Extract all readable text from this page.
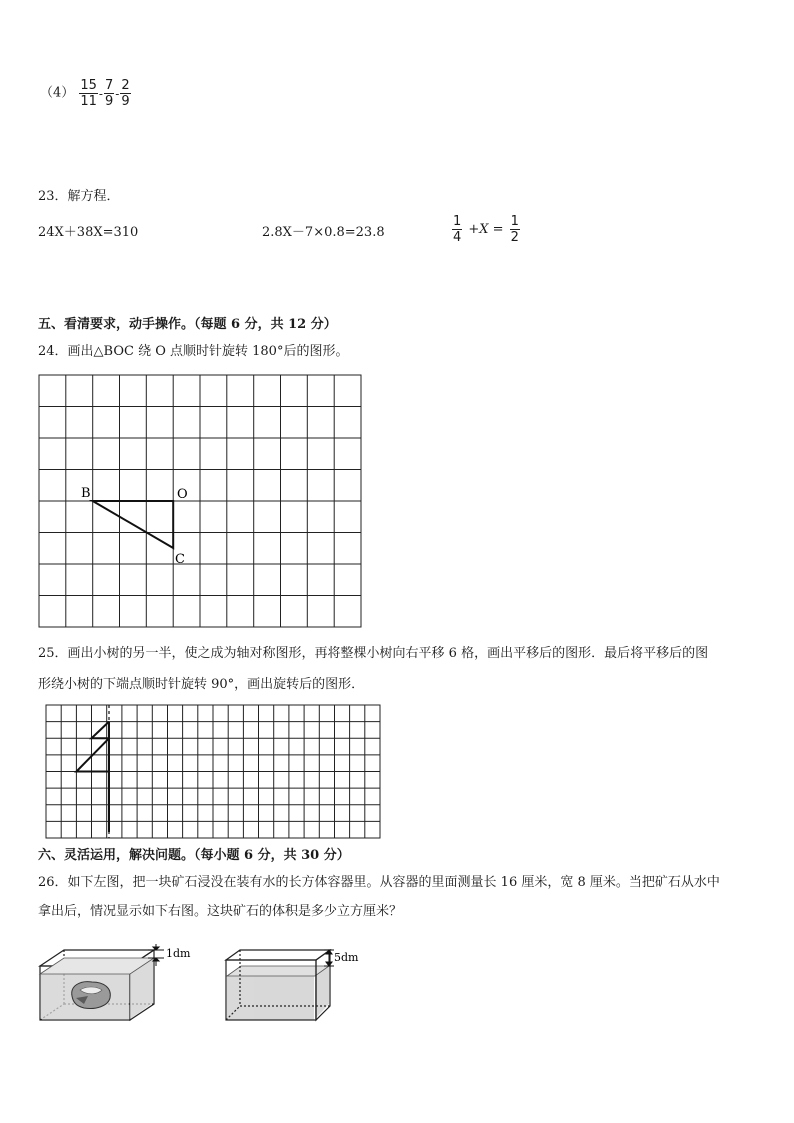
$(4) \frac{15}{11} - \frac{7}{9} - \frac{2}{9}$
23．解方程．
24X＋38X=310	2.8X－7×0.8=23.8	$\frac{1}{4} +X = \frac{1}{2}$
五、看清要求，动手操作。（每题 6 分，共 12 分）
24．画出△BOC 绕 O 点顺时针旋转 180°后的图形。
B	O
C
25．画出小树的另一半，使之成为轴对称图形，再将整棵小树向右平移 6 格，画出平移后的图形．最后将平移后的图
形绕小树的下端点顺时针旋转 90°，画出旋转后的图形．
六、灵活运用，解决问题。（每小题 6 分，共 30 分）
26．如下左图，把一块矿石浸没在装有水的长方体容器里。从容器的里面测量长 16 厘米，宽 8 厘米。当把矿石从水中
拿出后，情况显示如下右图。这块矿石的体积是多少立方厘米？
1dm	5dm
